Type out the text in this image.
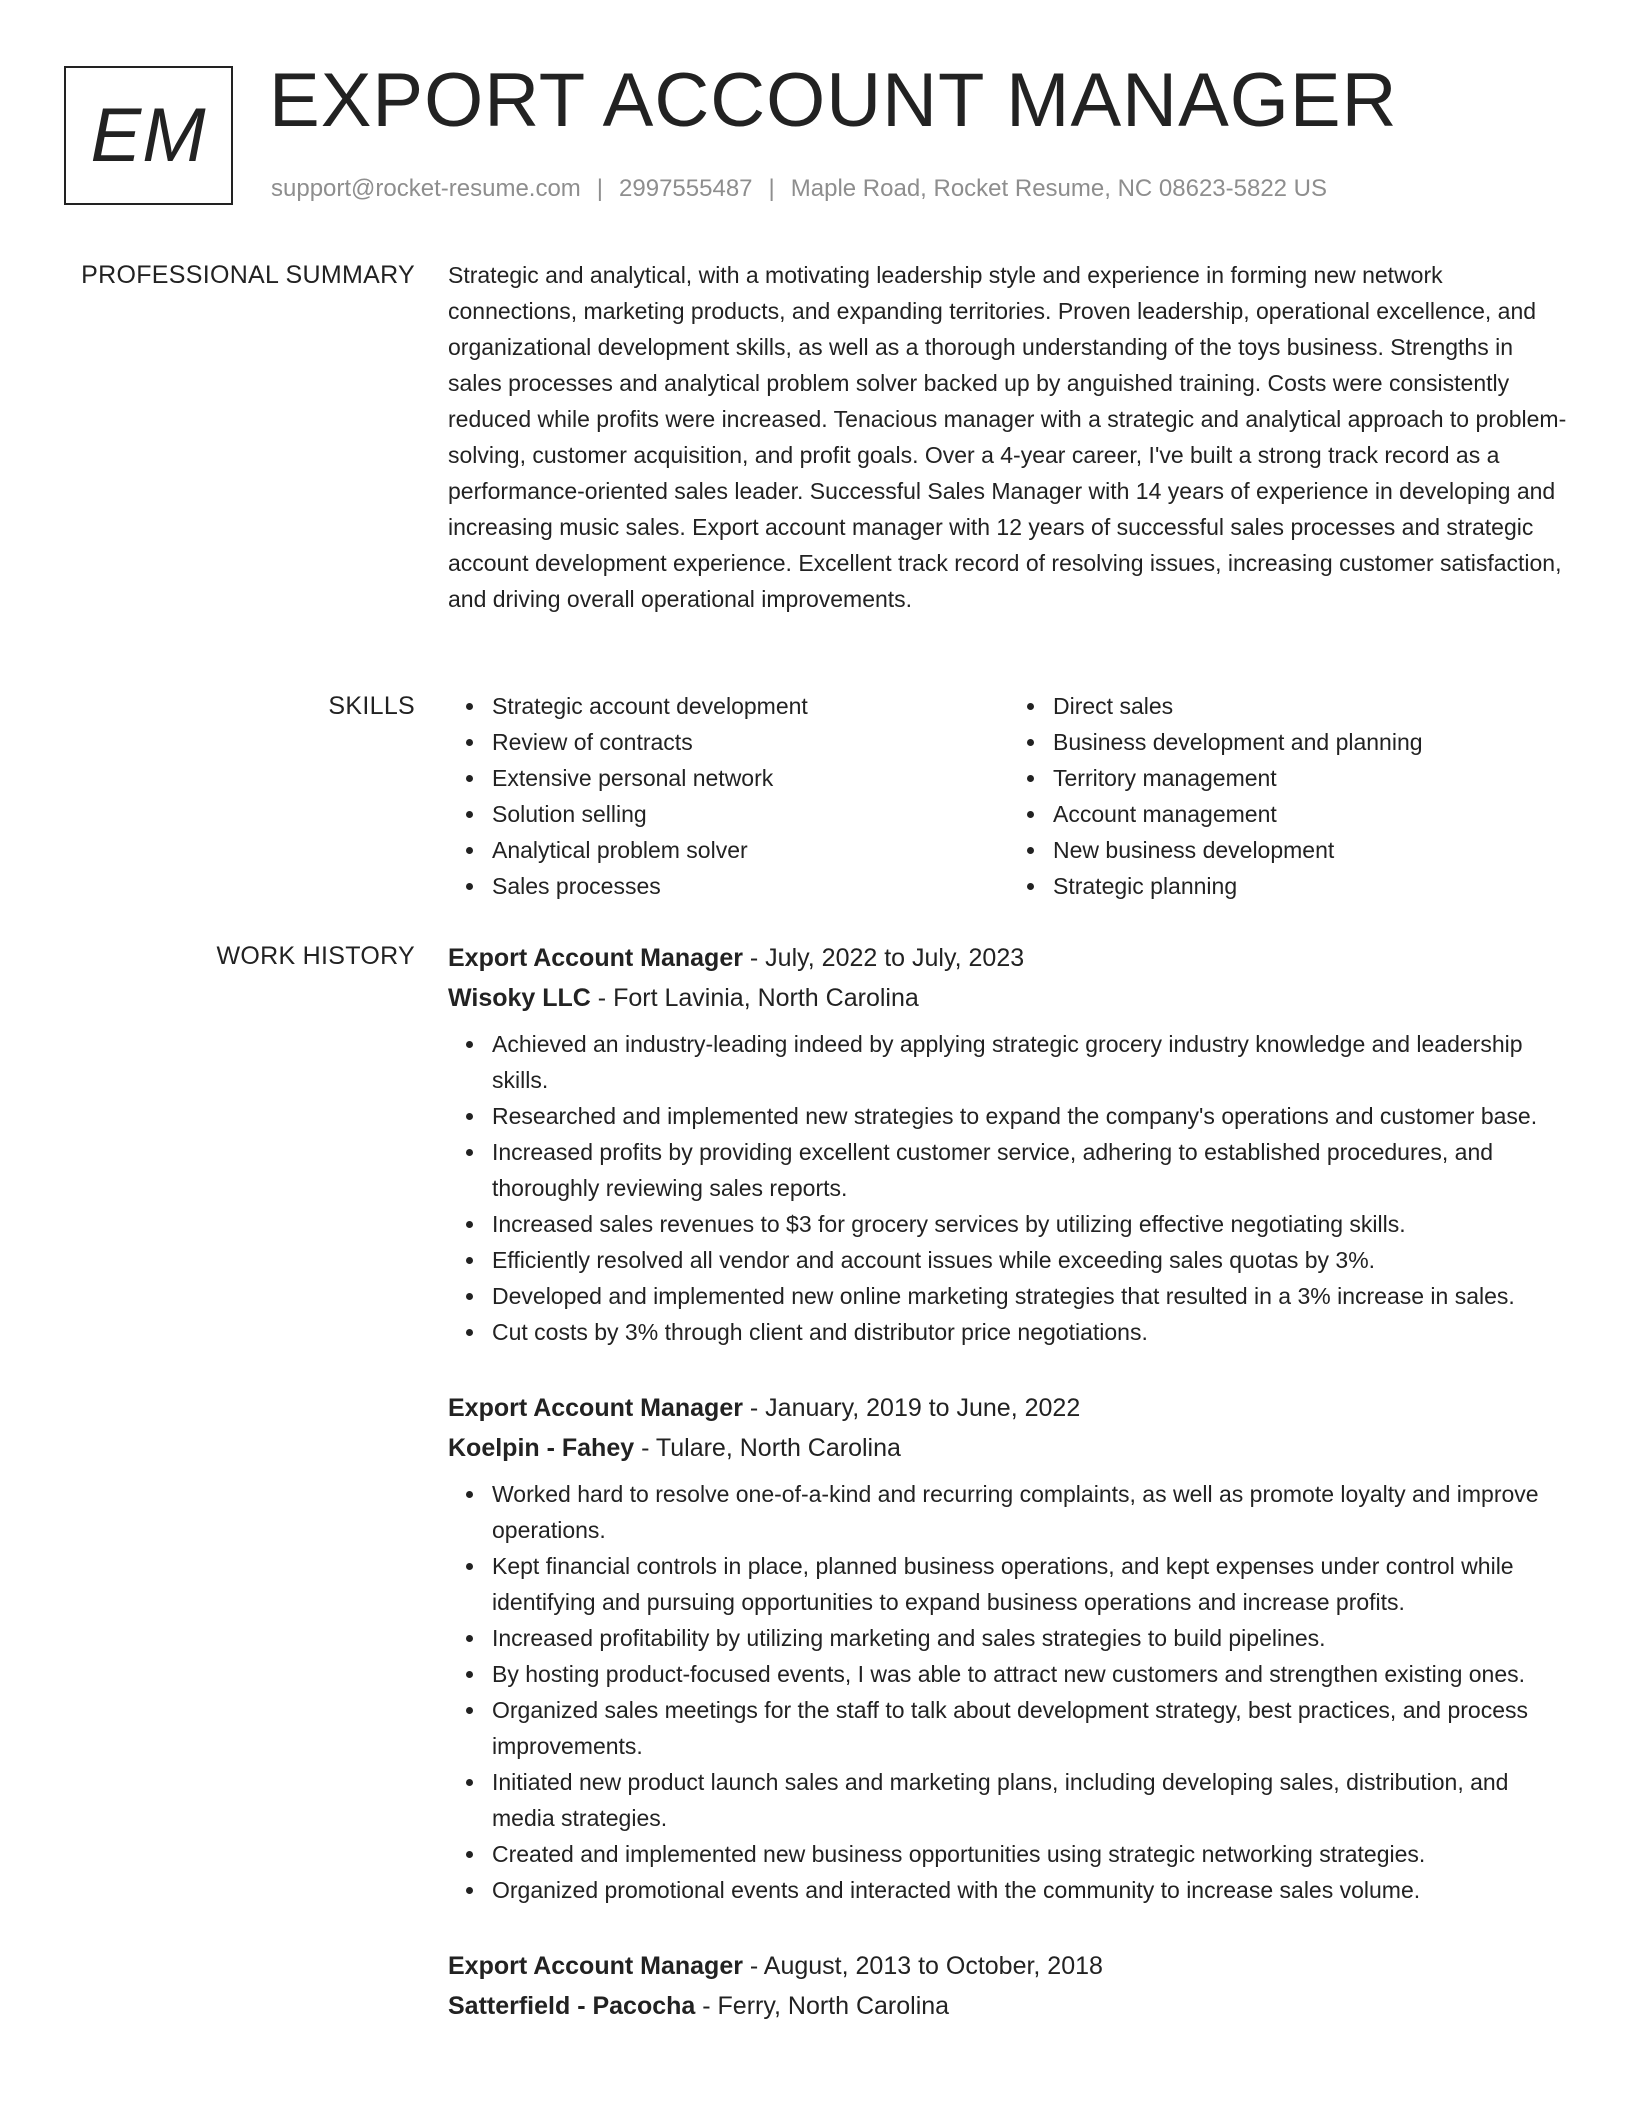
EM EXPORT ACCOUNT MANAGER
support@rocket-resume.com | 2997555487 | Maple Road, Rocket Resume, NC 08623-5822 US
PROFESSIONAL SUMMARY Strategic and analytical, with a motivating leadership style and experience in forming new network connections, marketing products, and expanding territories. Proven leadership, operational excellence, and organizational development skills, as well as a thorough understanding of the toys business. Strengths in sales processes and analytical problem solver backed up by anguished training. Costs were consistently reduced while profits were increased. Tenacious manager with a strategic and analytical approach to problem-solving, customer acquisition, and profit goals. Over a 4-year career, I've built a strong track record as a performance-oriented sales leader. Successful Sales Manager with 14 years of experience in developing and increasing music sales. Export account manager with 12 years of successful sales processes and strategic account development experience. Excellent track record of resolving issues, increasing customer satisfaction, and driving overall operational improvements.

SKILLS	Strategic account development
Review of contracts
Extensive personal network
Solution selling
Analytical problem solver
Sales processes
Direct sales
Business development and planning
Territory management
Account management
New business development
Strategic planning
WORK HISTORY Export Account Manager - July, 2022 to July, 2023
Wisoky LLC - Fort Lavinia, North Carolina
Achieved an industry-leading indeed by applying strategic grocery industry knowledge and leadership skills.
Researched and implemented new strategies to expand the company's operations and customer base.
Increased profits by providing excellent customer service, adhering to established procedures, and thoroughly reviewing sales reports.
Increased sales revenues to $3 for grocery services by utilizing effective negotiating skills.
Efficiently resolved all vendor and account issues while exceeding sales quotas by 3%.
Developed and implemented new online marketing strategies that resulted in a 3% increase in sales.
Cut costs by 3% through client and distributor price negotiations.
Export Account Manager - January, 2019 to June, 2022
Koelpin - Fahey - Tulare, North Carolina
Worked hard to resolve one-of-a-kind and recurring complaints, as well as promote loyalty and improve operations.
Kept financial controls in place, planned business operations, and kept expenses under control while identifying and pursuing opportunities to expand business operations and increase profits.
Increased profitability by utilizing marketing and sales strategies to build pipelines.
By hosting product-focused events, I was able to attract new customers and strengthen existing ones.
Organized sales meetings for the staff to talk about development strategy, best practices, and process improvements.
Initiated new product launch sales and marketing plans, including developing sales, distribution, and media strategies.
Created and implemented new business opportunities using strategic networking strategies.
Organized promotional events and interacted with the community to increase sales volume.
Export Account Manager - August, 2013 to October, 2018
Satterfield - Pacocha - Ferry, North Carolina
